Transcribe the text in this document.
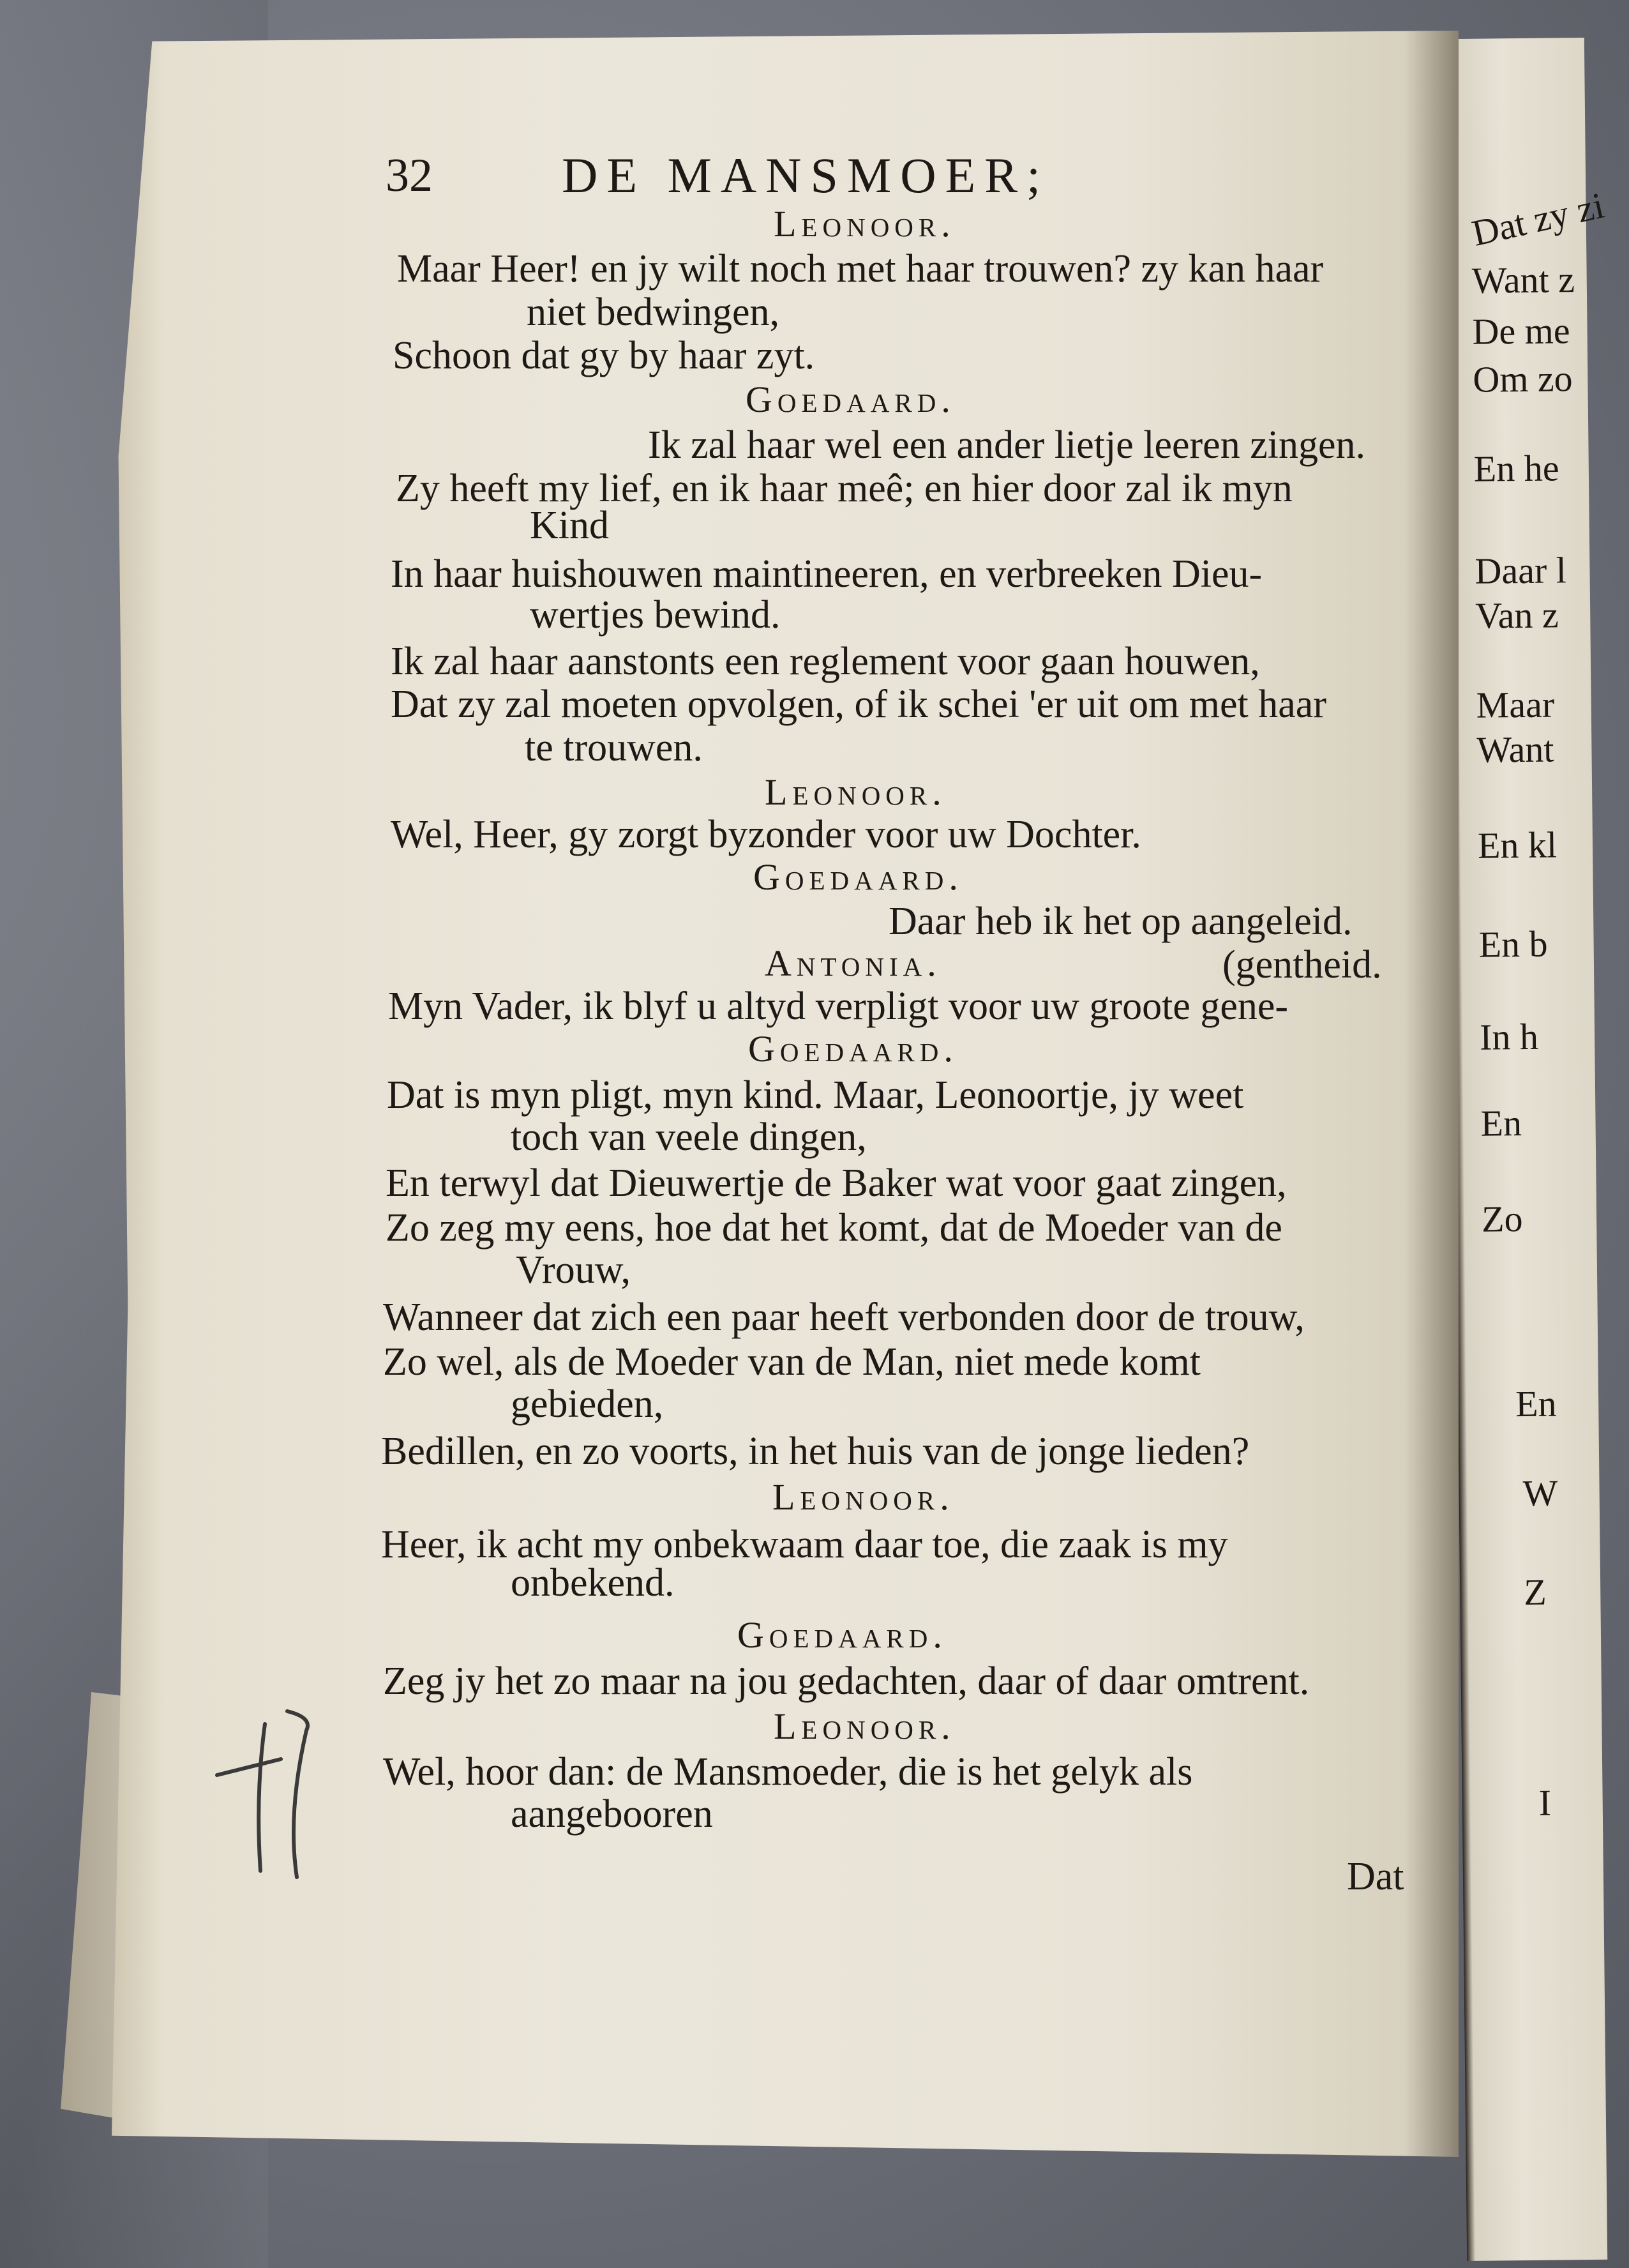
Dat zy zi
Want z
De me
Om zo
En he
Daar l
Van z
Maar
Want
En kl
En b
In h
En
Zo
En
W
Z
I
32	DE MANSMOER;
Leonoor.
Maar Heer! en jy wilt noch met haar trouwen? zy kan haar
niet bedwingen,
Schoon dat gy by haar zyt.
Goedaard.
Ik zal haar wel een ander lietje leeren zingen.
Zy heeft my lief, en ik haar meê; en hier door zal ik myn
Kind
In haar huishouwen maintineeren, en verbreeken Dieu-
wertjes bewind.
Ik zal haar aanstonts een reglement voor gaan houwen,
Dat zy zal moeten opvolgen, of ik schei 'er uit om met haar
te trouwen.
Leonoor.
Wel, Heer, gy zorgt byzonder voor uw Dochter.
Goedaard.
Daar heb ik het op aangeleid.
Antonia.	(gentheid.
Myn Vader, ik blyf u altyd verpligt voor uw groote gene-
Goedaard.
Dat is myn pligt, myn kind. Maar, Leonoortje, jy weet
toch van veele dingen,
En terwyl dat Dieuwertje de Baker wat voor gaat zingen,
Zo zeg my eens, hoe dat het komt, dat de Moeder van de
Vrouw,
Wanneer dat zich een paar heeft verbonden door de trouw,
Zo wel, als de Moeder van de Man, niet mede komt
gebieden,
Bedillen, en zo voorts, in het huis van de jonge lieden?
Leonoor.
Heer, ik acht my onbekwaam daar toe, die zaak is my
onbekend.
Goedaard.
Zeg jy het zo maar na jou gedachten, daar of daar omtrent.
Leonoor.
Wel, hoor dan: de Mansmoeder, die is het gelyk als
aangebooren
Dat
